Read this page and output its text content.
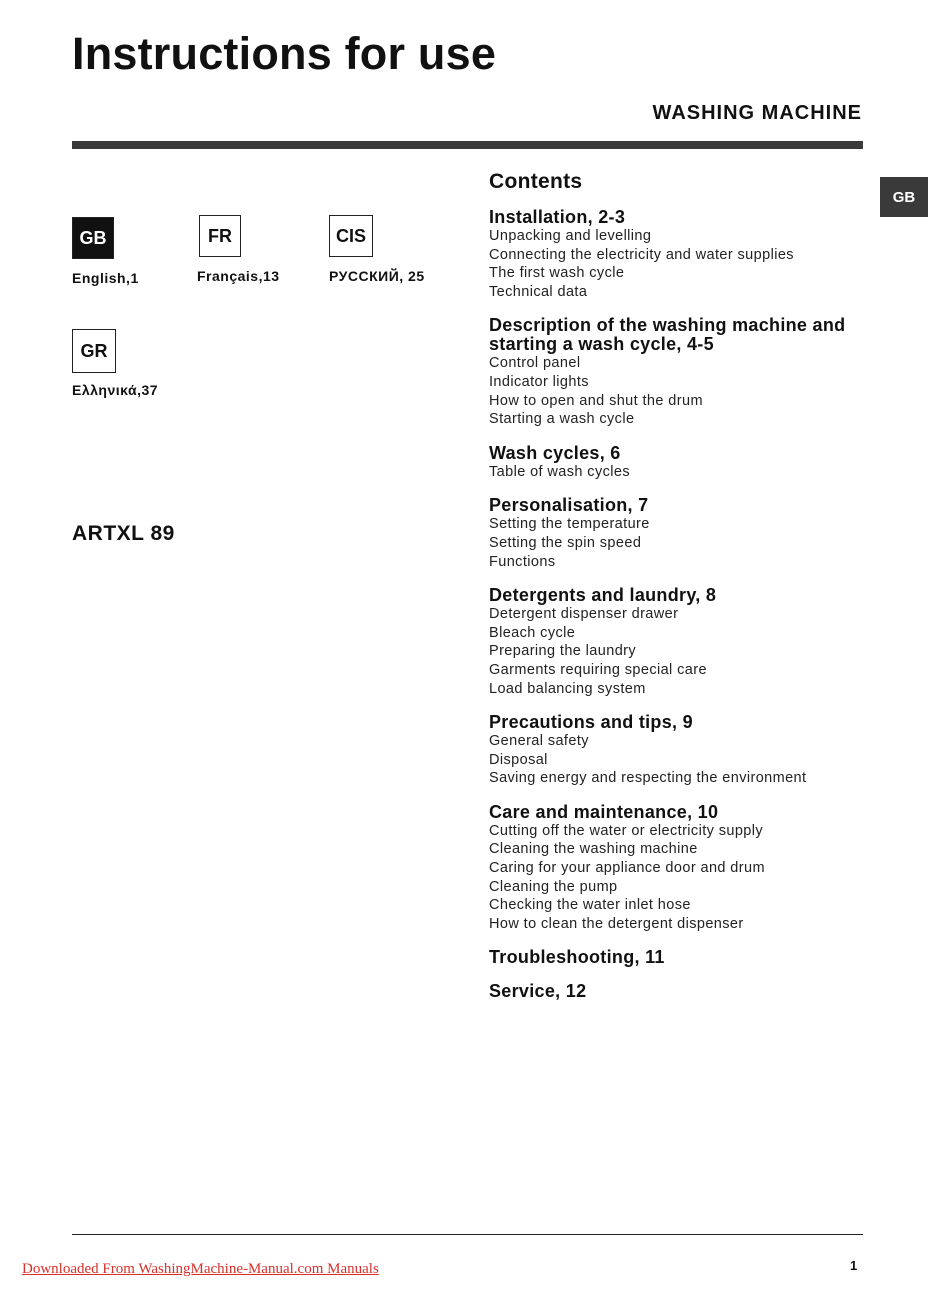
Instructions for use
WASHING MACHINE
GB
GB
English,1
FR
Français,13
CIS
РУССКИЙ, 25
GR
Ελληνικά,37
ARTXL 89
Contents
Installation, 2-3
Unpacking and levelling
Connecting the electricity and water supplies
The first wash cycle
Technical data
Description of the washing machine and starting a wash cycle, 4-5
Control panel
Indicator lights
How to open and shut the drum
Starting a wash cycle
Wash cycles, 6
Table of wash cycles
Personalisation, 7
Setting the temperature
Setting the spin speed
Functions
Detergents and laundry, 8
Detergent dispenser drawer
Bleach cycle
Preparing the laundry
Garments requiring special care
Load balancing system
Precautions and tips, 9
General safety
Disposal
Saving energy and respecting the environment
Care and maintenance, 10
Cutting off the water or electricity supply
Cleaning the washing machine
Caring for your appliance door and drum
Cleaning the pump
Checking the water inlet hose
How to clean the detergent dispenser
Troubleshooting, 11
Service, 12
Downloaded From WashingMachine-Manual.com Manuals	1
